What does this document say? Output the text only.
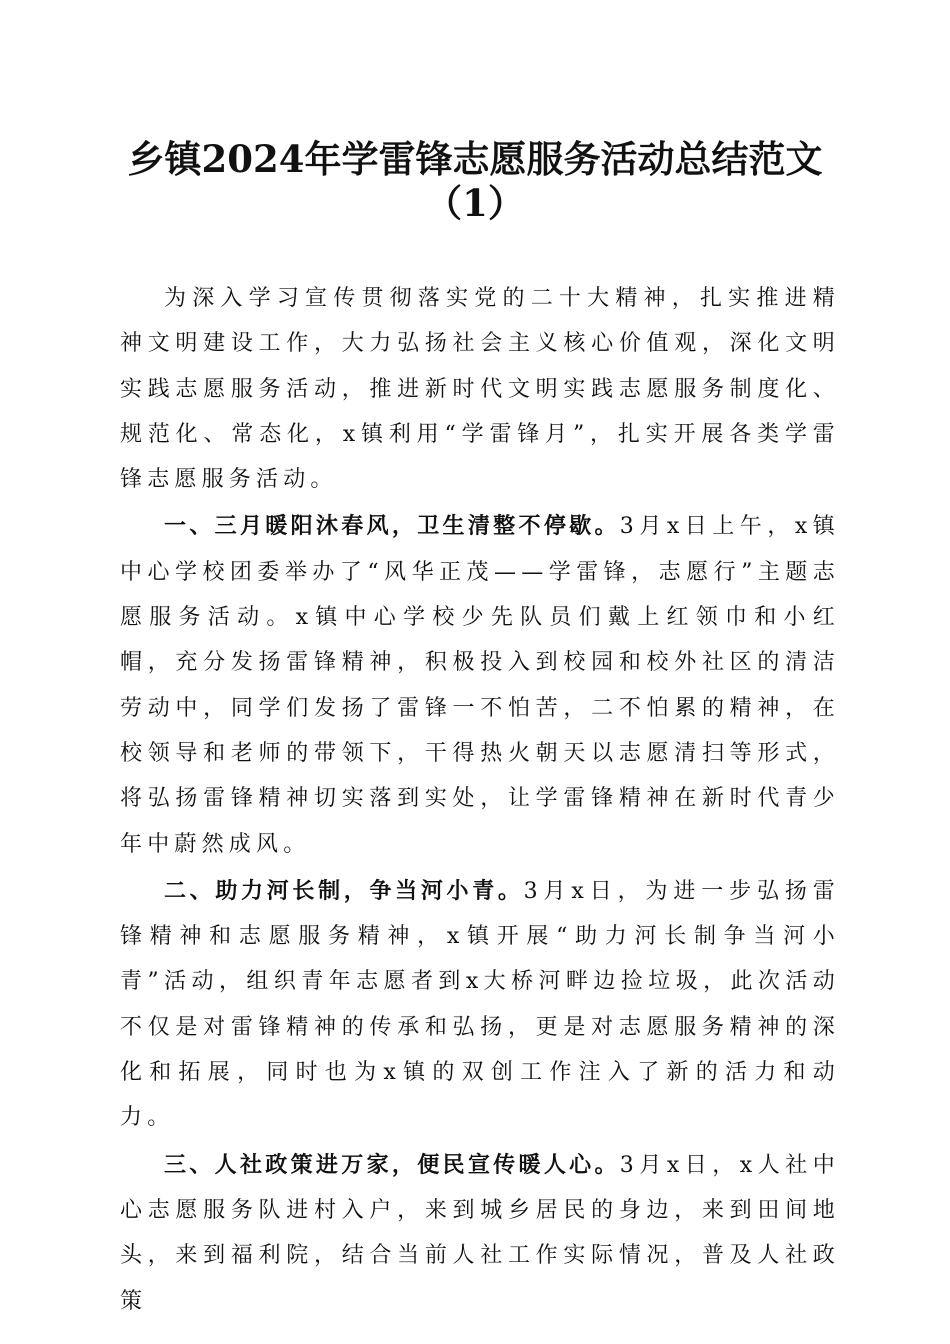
乡镇2024年学雷锋志愿服务活动总结范文
（1）

为深入学习宣传贯彻落实党的二十大精神，扎实推进精神文明建设工作，大力弘扬社会主义核心价值观，深化文明实践志愿服务活动，推进新时代文明实践志愿服务制度化、规范化、常态化，x镇利用“学雷锋月”，扎实开展各类学雷锋志愿服务活动。

一、三月暖阳沐春风，卫生清整不停歇。3月x日上午，x镇中心学校团委举办了“风华正茂——学雷锋，志愿行”主题志愿服务活动。x镇中心学校少先队员们戴上红领巾和小红帽，充分发扬雷锋精神，积极投入到校园和校外社区的清洁劳动中，同学们发扬了雷锋一不怕苦，二不怕累的精神，在校领导和老师的带领下，干得热火朝天以志愿清扫等形式，将弘扬雷锋精神切实落到实处，让学雷锋精神在新时代青少年中蔚然成风。

二、助力河长制，争当河小青。3月x日，为进一步弘扬雷锋精神和志愿服务精神，x镇开展“助力河长制争当河小青”活动，组织青年志愿者到x大桥河畔边捡垃圾，此次活动不仅是对雷锋精神的传承和弘扬，更是对志愿服务精神的深化和拓展，同时也为x镇的双创工作注入了新的活力和动力。

三、人社政策进万家，便民宣传暖人心。3月x日，x人社中心志愿服务队进村入户，来到城乡居民的身边，来到田间地头，来到福利院，结合当前人社工作实际情况，普及人社政策
